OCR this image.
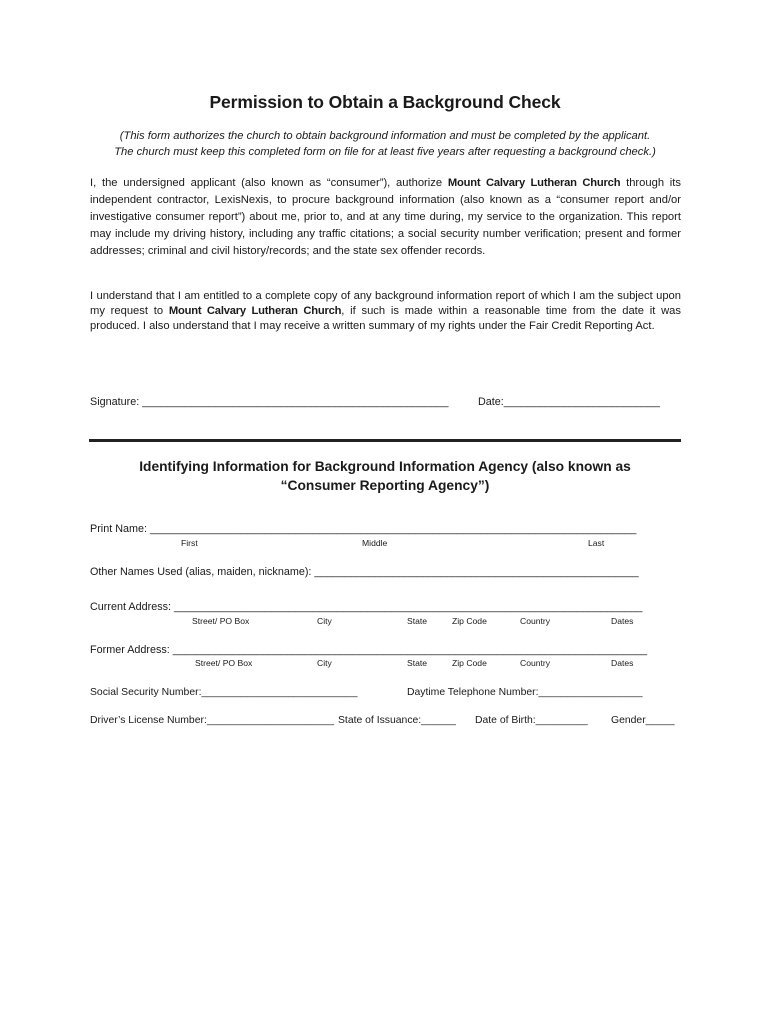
Permission to Obtain a Background Check
(This form authorizes the church to obtain background information and must be completed by the applicant.
The church must keep this completed form on file for at least five years after requesting a background check.)

I, the undersigned applicant (also known as “consumer”), authorize Mount Calvary Lutheran Church through its independent contractor, LexisNexis, to procure background information (also known as a “consumer report and/or investigative consumer report”) about me, prior to, and at any time during, my service to the organization. This report may include my driving history, including any traffic citations; a social security number verification; present and former addresses; criminal and civil history/records; and the state sex offender records.

I understand that I am entitled to a complete copy of any background information report of which I am the subject upon my request to Mount Calvary Lutheran Church, if such is made within a reasonable time from the date it was produced. I also understand that I may receive a written summary of my rights under the Fair Credit Reporting Act.

Signature: ___________________________________________________	Date:__________________________
Identifying Information for Background Information Agency (also known as
“Consumer Reporting Agency”)
Print Name: _________________________________________________________________________________
First	Middle	Last
Other Names Used (alias, maiden, nickname): ______________________________________________________
Current Address: ______________________________________________________________________________
Street/ PO Box	City	State	Zip Code	Country	Dates
Former Address: _______________________________________________________________________________
Street/ PO Box	City	State	Zip Code	Country	Dates
Social Security Number:___________________________	Daytime Telephone Number:__________________
Driver’s License Number:______________________ State of Issuance:______ Date of Birth:_________ Gender_____
